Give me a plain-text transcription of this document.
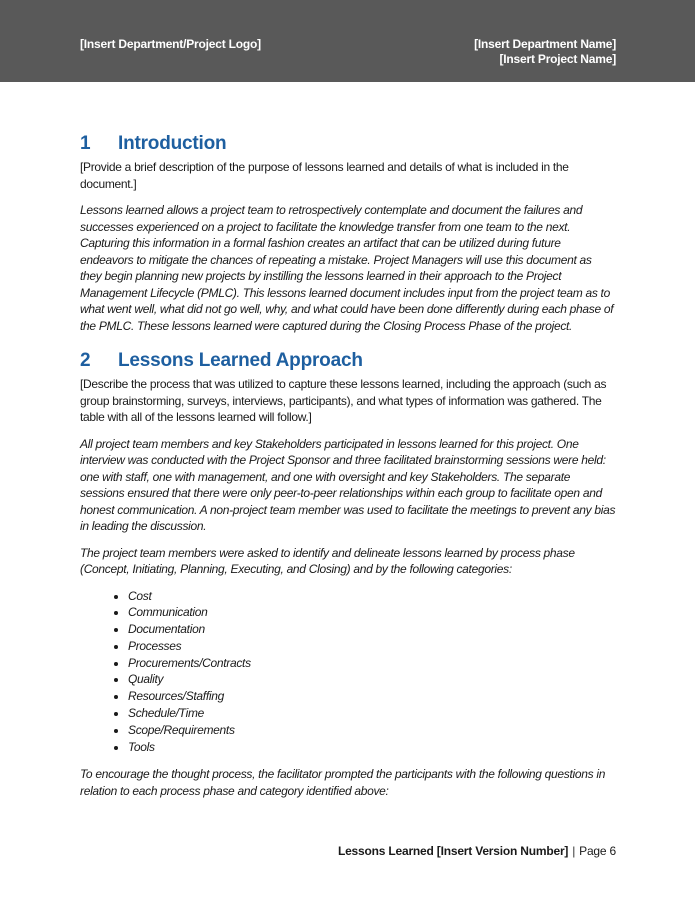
[Insert Department/Project Logo]	[Insert Department Name]
[Insert Project Name]
1 Introduction

[Provide a brief description of the purpose of lessons learned and details of what is included in the document.]

Lessons learned allows a project team to retrospectively contemplate and document the failures and successes experienced on a project to facilitate the knowledge transfer from one team to the next. Capturing this information in a formal fashion creates an artifact that can be utilized during future endeavors to mitigate the chances of repeating a mistake. Project Managers will use this document as they begin planning new projects by instilling the lessons learned in their approach to the Project Management Lifecycle (PMLC). This lessons learned document includes input from the project team as to what went well, what did not go well, why, and what could have been done differently during each phase of the PMLC. These lessons learned were captured during the Closing Process Phase of the project.

2 Lessons Learned Approach

[Describe the process that was utilized to capture these lessons learned, including the approach (such as group brainstorming, surveys, interviews, participants), and what types of information was gathered. The table with all of the lessons learned will follow.]

All project team members and key Stakeholders participated in lessons learned for this project. One interview was conducted with the Project Sponsor and three facilitated brainstorming sessions were held: one with staff, one with management, and one with oversight and key Stakeholders. The separate sessions ensured that there were only peer-to-peer relationships within each group to facilitate open and honest communication. A non-project team member was used to facilitate the meetings to prevent any bias in leading the discussion.

The project team members were asked to identify and delineate lessons learned by process phase (Concept, Initiating, Planning, Executing, and Closing) and by the following categories:

• Cost
• Communication
• Documentation
• Processes
• Procurements/Contracts
• Quality
• Resources/Staffing
• Schedule/Time
• Scope/Requirements
• Tools

To encourage the thought process, the facilitator prompted the participants with the following questions in relation to each process phase and category identified above:

Lessons Learned [Insert Version Number] | Page 6
